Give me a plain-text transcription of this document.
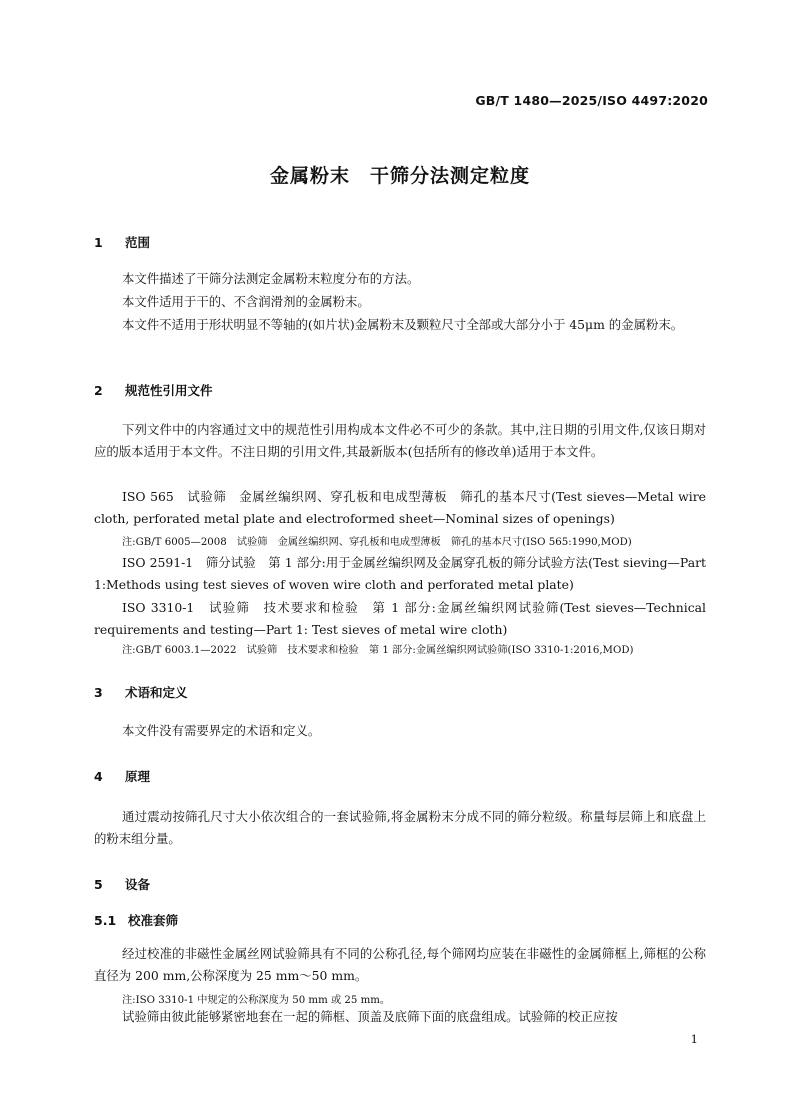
GB/T 1480—2025/ISO 4497:2020
金属粉末　干筛分法测定粒度
1 范围
本文件描述了干筛分法测定金属粉末粒度分布的方法。
本文件适用于干的、不含润滑剂的金属粉末。
本文件不适用于形状明显不等轴的(如片状)金属粉末及颗粒尺寸全部或大部分小于 45μm 的金属粉末。
2 规范性引用文件
下列文件中的内容通过文中的规范性引用构成本文件必不可少的条款。其中,注日期的引用文件,仅该日期对应的版本适用于本文件。不注日期的引用文件,其最新版本(包括所有的修改单)适用于本文件。
ISO 565　试验筛　金属丝编织网、穿孔板和电成型薄板　筛孔的基本尺寸(Test sieves—Metal wire cloth, perforated metal plate and electroformed sheet—Nominal sizes of openings)
注:GB/T 6005—2008　试验筛　金属丝编织网、穿孔板和电成型薄板　筛孔的基本尺寸(ISO 565:1990,MOD)
ISO 2591-1　筛分试验　第 1 部分:用于金属丝编织网及金属穿孔板的筛分试验方法(Test sieving—Part 1:Methods using test sieves of woven wire cloth and perforated metal plate)
ISO 3310-1　试验筛　技术要求和检验　第 1 部分:金属丝编织网试验筛(Test sieves—Technical requirements and testing—Part 1: Test sieves of metal wire cloth)
注:GB/T 6003.1—2022　试验筛　技术要求和检验　第 1 部分:金属丝编织网试验筛(ISO 3310-1:2016,MOD)
3 术语和定义
本文件没有需要界定的术语和定义。
4 原理
通过震动按筛孔尺寸大小依次组合的一套试验筛,将金属粉末分成不同的筛分粒级。称量每层筛上和底盘上的粉末组分量。
5 设备
5.1 校准套筛
经过校准的非磁性金属丝网试验筛具有不同的公称孔径,每个筛网均应装在非磁性的金属筛框上,筛框的公称直径为 200 mm,公称深度为 25 mm～50 mm。
注:ISO 3310-1 中规定的公称深度为 50 mm 或 25 mm。
试验筛由彼此能够紧密地套在一起的筛框、顶盖及底筛下面的底盘组成。试验筛的校正应按
1
